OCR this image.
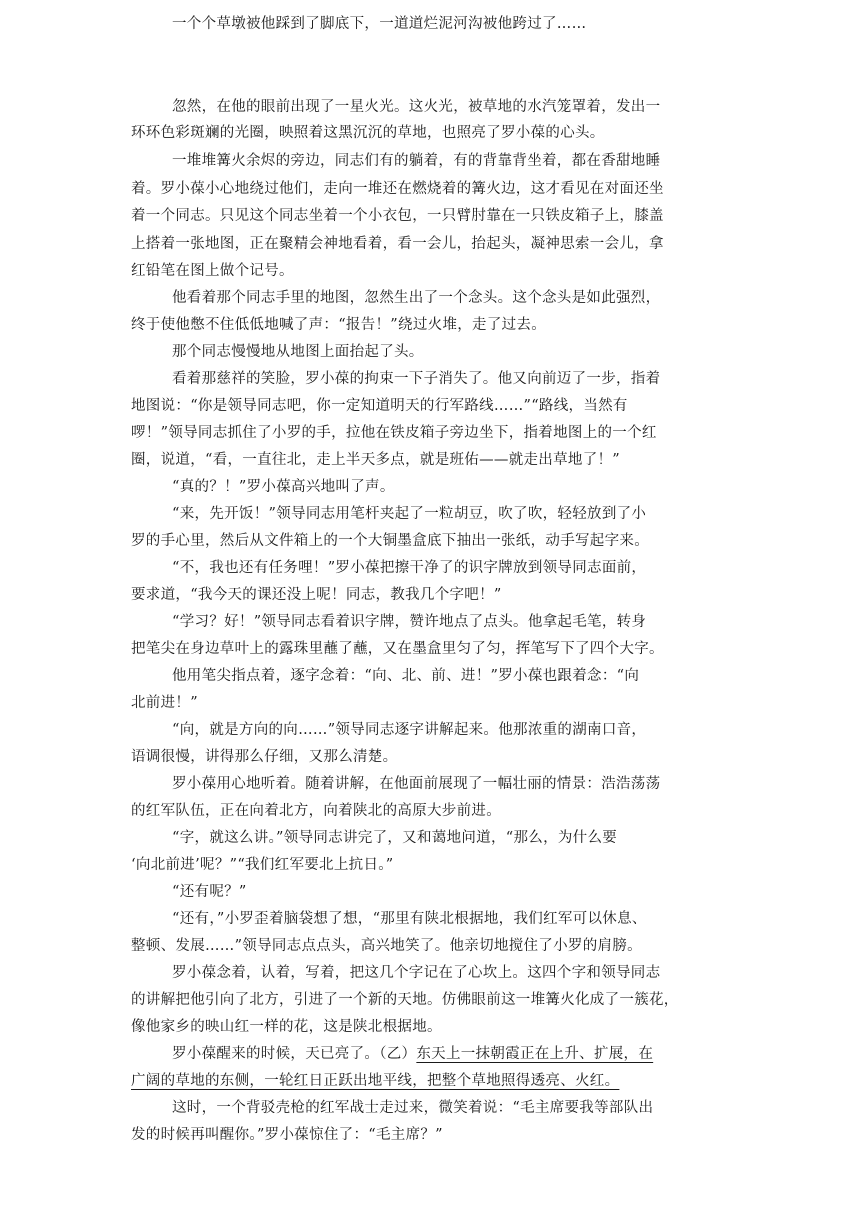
一个个草墩被他踩到了脚底下，一道道烂泥河沟被他跨过了……
忽然，在他的眼前出现了一星火光。这火光，被草地的水汽笼罩着，发出一
环环色彩斑斓的光圈，映照着这黑沉沉的草地，也照亮了罗小葆的心头。
一堆堆篝火余烬的旁边，同志们有的躺着，有的背靠背坐着，都在香甜地睡
着。罗小葆小心地绕过他们，走向一堆还在燃烧着的篝火边，这才看见在对面还坐
着一个同志。只见这个同志坐着一个小衣包，一只臂肘靠在一只铁皮箱子上，膝盖
上搭着一张地图，正在聚精会神地看着，看一会儿，抬起头，凝神思索一会儿，拿
红铅笔在图上做个记号。
他看着那个同志手里的地图，忽然生出了一个念头。这个念头是如此强烈，
终于使他憋不住低低地喊了声：“报告！”绕过火堆，走了过去。
那个同志慢慢地从地图上面抬起了头。
看着那慈祥的笑脸，罗小葆的拘束一下子消失了。他又向前迈了一步，指着
地图说：“你是领导同志吧，你一定知道明天的行军路线……”“路线，当然有
啰！”领导同志抓住了小罗的手，拉他在铁皮箱子旁边坐下，指着地图上的一个红
圈，说道，“看，一直往北，走上半天多点，就是班佑——就走出草地了！”
“真的？！”罗小葆高兴地叫了声。
“来，先开饭！”领导同志用笔杆夹起了一粒胡豆，吹了吹，轻轻放到了小
罗的手心里，然后从文件箱上的一个大铜墨盒底下抽出一张纸，动手写起字来。
“不，我也还有任务哩！”罗小葆把擦干净了的识字牌放到领导同志面前，
要求道，“我今天的课还没上呢！同志，教我几个字吧！”
“学习？好！”领导同志看着识字牌，赞许地点了点头。他拿起毛笔，转身
把笔尖在身边草叶上的露珠里蘸了蘸，又在墨盒里匀了匀，挥笔写下了四个大字。
他用笔尖指点着，逐字念着：“向、北、前、进！”罗小葆也跟着念：“向
北前进！”
“向，就是方向的向……”领导同志逐字讲解起来。他那浓重的湖南口音，
语调很慢，讲得那么仔细，又那么清楚。
罗小葆用心地听着。随着讲解，在他面前展现了一幅壮丽的情景：浩浩荡荡
的红军队伍，正在向着北方，向着陕北的高原大步前进。
“字，就这么讲。”领导同志讲完了，又和蔼地问道，“那么，为什么要
‘向北前进’呢？”“我们红军要北上抗日。”
“还有呢？”
“还有，”小罗歪着脑袋想了想，“那里有陕北根据地，我们红军可以休息、
整顿、发展……”领导同志点点头，高兴地笑了。他亲切地搅住了小罗的肩膀。
罗小葆念着，认着，写着，把这几个字记在了心坎上。这四个字和领导同志
的讲解把他引向了北方，引进了一个新的天地。仿佛眼前这一堆篝火化成了一簇花，
像他家乡的映山红一样的花，这是陕北根据地。
罗小葆醒来的时候，天已亮了。（乙）东天上一抹朝霞正在上升、扩展，在
广阔的草地的东侧，一轮红日正跃出地平线，把整个草地照得透亮、火红。
这时，一个背驳壳枪的红军战士走过来，微笑着说：“毛主席要我等部队出
发的时候再叫醒你。”罗小葆惊住了：“毛主席？”
